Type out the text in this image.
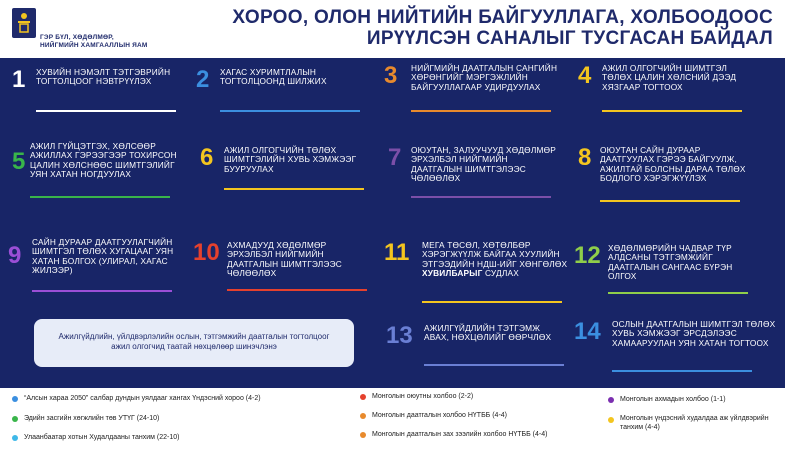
ГЭР БҮЛ, ХӨДӨЛМӨР,
НИЙГМИЙН ХАМГААЛЛЫН ЯАМ
ХОРОО, ОЛОН НИЙТИЙН БАЙГУУЛЛАГА, ХОЛБООДООС
ИРҮҮЛСЭН САНАЛЫГ ТУСГАСАН БАЙДАЛ
1 ХУВИЙН НЭМЭЛТ ТЭТГЭВРИЙН ТОГТОЛЦООГ НЭВТРҮҮЛЭХ	2 ХАГАС ХУРИМТЛАЛЫН ТОГТОЛЦООНД ШИЛЖИХ	3 НИЙГМИЙН ДААТГАЛЫН САНГИЙН ХӨРӨНГИЙГ МЭРГЭЖЛИЙН БАЙГУУЛЛАГААР УДИРДУУЛАХ	4 АЖИЛ ОЛГОГЧИЙН ШИМТГЭЛ ТӨЛӨХ ЦАЛИН ХӨЛСНИЙ ДЭЭД ХЯЗГААР ТОГТООХ
5
АЖИЛ ГҮЙЦЭТГЭХ, ХӨЛСӨӨР АЖИЛЛАХ ГЭРЭЭГЭЭР ТОХИРСОН ЦАЛИН ХӨЛСНӨӨС ШИМТГЭЛИЙГ УЯН ХАТАН НОГДУУЛАХ
6 АЖИЛ ОЛГОГЧИЙН ТӨЛӨХ ШИМТГЭЛИЙН ХУВЬ ХЭМЖЭЭГ БУУРУУЛАХ	7 ОЮУТАН, ЗАЛУУЧУУД ХӨДӨЛМӨР ЭРХЭЛБЭЛ НИЙГМИЙН ДААТГАЛЫН ШИМТГЭЛЭЭС ЧӨЛӨӨЛӨХ
8 ОЮУТАН САЙН ДУРААР ДААТГУУЛАХ ГЭРЭЭ БАЙГУУЛЖ, АЖИЛТАЙ БОЛСНЫ ДАРАА ТӨЛӨХ БОДЛОГО ХЭРЭГЖҮҮЛЭХ
9 САЙН ДУРААР ДААТГУУЛАГЧИЙН ШИМТГЭЛ ТӨЛӨХ ХУГАЦААГ УЯН ХАТАН БОЛГОХ (УЛИРАЛ, ХАГАС ЖИЛЭЭР)
10 АХМАДУУД ХӨДӨЛМӨР ЭРХЭЛБЭЛ НИЙГМИЙН ДААТГАЛЫН ШИМТГЭЛЭЭС ЧӨЛӨӨЛӨХ
11 МЕГА ТӨСӨЛ, ХӨТӨЛБӨР ХЭРЭГЖҮҮЛЖ БАЙГАА ХУУЛИЙН ЭТГЭЭДИЙН НДШ-ИЙГ ХӨНГӨЛӨХ ХУВИЛБАРЫГ СУДЛАХ
12 ХӨДӨЛМӨРИЙН ЧАДВАР ТҮР АЛДСАНЫ ТЭТГЭМЖИЙГ ДААТГАЛЫН САНГААС БҮРЭН ОЛГОХ
Ажилгүйдлийн, үйлдвэрлэлийн ослын, тэтгэмжийн даатгалын тогтолцоог ажил олгогчид таатай нөхцөлөөр шинэчлэнэ	13 АЖИЛГҮЙДЛИЙН ТЭТГЭМЖ АВАХ, НӨХЦӨЛИЙГ ӨӨРЧЛӨХ 14 ОСЛЫН ДААТГАЛЫН ШИМТГЭЛ ТӨЛӨХ ХУВЬ ХЭМЖЭЭГ ЭРСДЭЛЭЭС ХАМААРУУЛАН УЯН ХАТАН ТОГТООХ
“Алсын хараа 2050” салбар дундын уялдааг хангах Үндэсний хороо (4-2)
Эдийн засгийн хөгжлийн төв УТҮГ (24-10)
Улаанбаатар хотын Худалдааны танхим (22-10)
Монголын оюутны холбоо (2-2)
Монголын даатгалын холбоо НҮТББ (4-4)
Монголын даатгалын зах зээлийн холбоо НҮТББ (4-4)
Монголын ахмадын холбоо (1-1)
Монголын үндэсний худалдаа аж үйлдвэрийн танхим (4-4)
